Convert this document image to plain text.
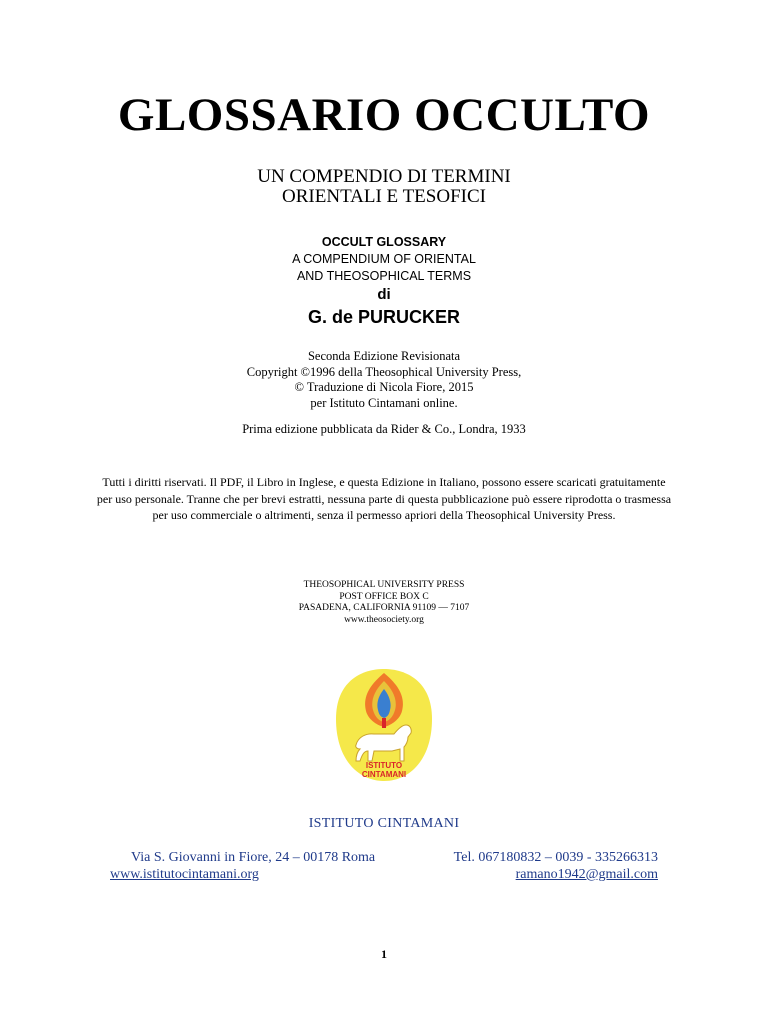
GLOSSARIO OCCULTO
UN COMPENDIO DI TERMINI
ORIENTALI E TESOFICI
OCCULT GLOSSARY
A COMPENDIUM OF ORIENTAL
AND THEOSOPHICAL TERMS
di
G. de PURUCKER
Seconda Edizione Revisionata
Copyright ©1996 della Theosophical University Press,
© Traduzione di Nicola Fiore, 2015
per Istituto Cintamani online.
Prima edizione pubblicata da Rider & Co., Londra, 1933
Tutti i diritti riservati. Il PDF, il Libro in Inglese, e questa Edizione in Italiano, possono essere scaricati gratuitamente
per uso personale. Tranne che per brevi estratti, nessuna parte di questa pubblicazione può essere riprodotta o trasmessa
per uso commerciale o altrimenti, senza il permesso apriori della Theosophical University Press.
THEOSOPHICAL UNIVERSITY PRESS
POST OFFICE BOX C
PASADENA, CALIFORNIA 91109 — 7107
www.theosociety.org
ISTITUTO
CINTAMANI
ISTITUTO CINTAMANI
Via S. Giovanni in Fiore, 24 – 00178 Roma	Tel. 067180832 – 0039 - 335266313
www.istitutocintamani.org	ramano1942@gmail.com
1
